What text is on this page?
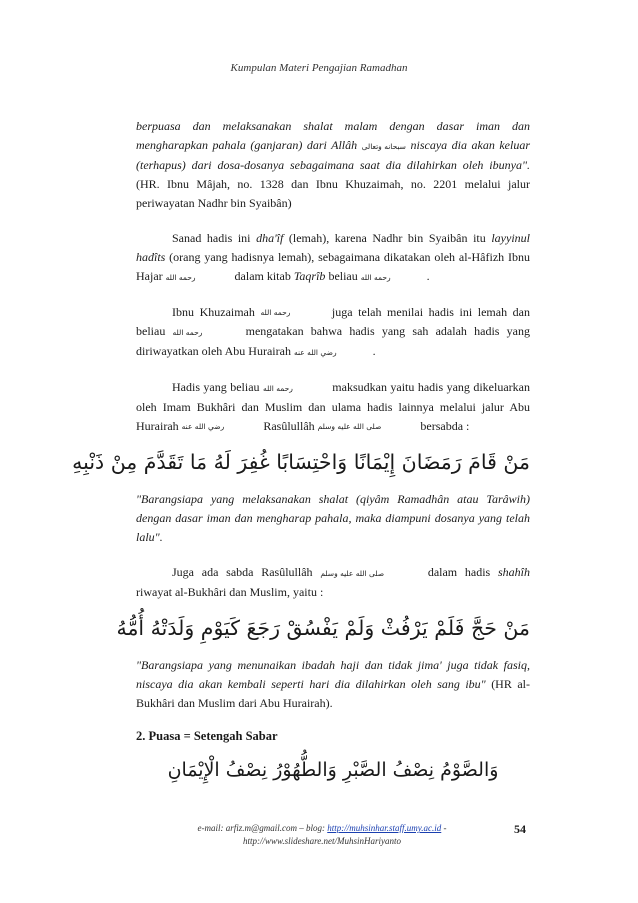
Kumpulan Materi Pengajian Ramadhan

berpuasa dan melaksanakan shalat malam dengan dasar iman dan mengharapkan pahala (ganjaran) dari Allâh سبحانه وتعالى niscaya dia akan keluar (terhapus) dari dosa-dosanya sebagaimana saat dia dilahirkan oleh ibunya". (HR. Ibnu Mâjah, no. 1328 dan Ibnu Khuzaimah, no. 2201 melalui jalur periwayatan Nadhr bin Syaibân)

Sanad hadis ini dha'îf (lemah), karena Nadhr bin Syaibân itu layyinul hadîts (orang yang hadisnya lemah), sebagaimana dikatakan oleh al-Hâfizh Ibnu Hajar رحمه الله	dalam kitab Taqrîb beliau رحمه الله	.

Ibnu Khuzaimah رحمه الله	juga telah menilai hadis ini lemah dan beliau رحمه الله	mengatakan bahwa hadis yang sah adalah hadis yang diriwayatkan oleh Abu Hurairah رضي الله عنه	.

Hadis yang beliau رحمه الله	maksudkan yaitu hadis yang dikeluarkan oleh Imam Bukhâri dan Muslim dan ulama hadis lainnya melalui jalur Abu Hurairah رضي الله عنه	Rasûlullâh صلى الله عليه وسلم	bersabda :

مَنْ قَامَ رَمَضَانَ إِيْمَانًا وَاحْتِسَابًا غُفِرَ لَهُ مَا تَقَدَّمَ مِنْ ذَنْبِهِ

"Barangsiapa yang melaksanakan shalat (qiyâm Ramadhân atau Tarâwih) dengan dasar iman dan mengharap pahala, maka diampuni dosanya yang telah lalu".

Juga ada sabda Rasûlullâh صلى الله عليه وسلم	dalam hadis shahîh riwayat al-Bukhâri dan Muslim, yaitu :

مَنْ حَجَّ فَلَمْ يَرْفُثْ وَلَمْ يَفْسُقْ رَجَعَ كَيَوْمِ وَلَدَتْهُ أُمُّهُ

"Barangsiapa yang menunaikan ibadah haji dan tidak jima' juga tidak fasiq, niscaya dia akan kembali seperti hari dia dilahirkan oleh sang ibu" (HR al-Bukhâri dan Muslim dari Abu Hurairah).

2. Puasa = Setengah Sabar

وَالصَّوْمُ نِصْفُ الصَّبْرِ وَالطُّهُوْرُ نِصْفُ الْإِيْمَانِ
e-mail: arfiz.m@gmail.com – blog: http://muhsinhar.staff.umy.ac.id -
http://www.slideshare.net/MuhsinHariyanto
54
